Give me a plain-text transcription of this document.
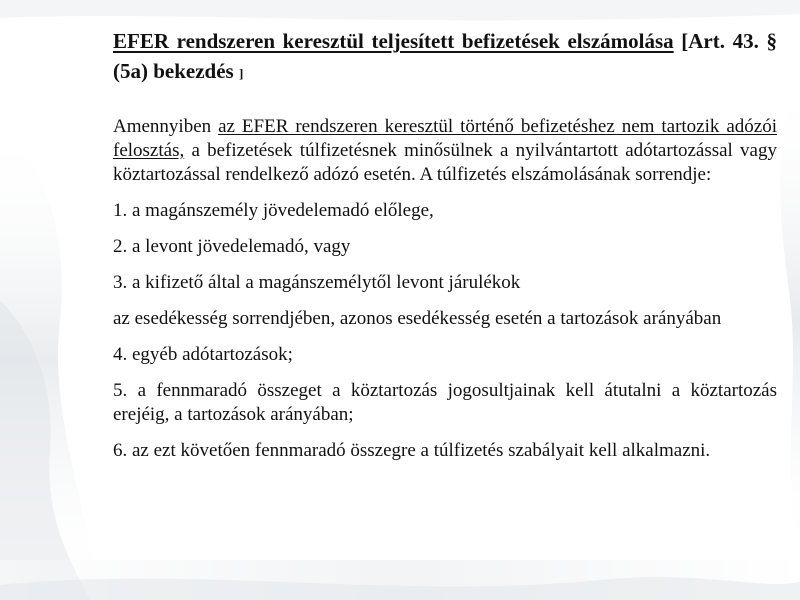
EFER rendszeren keresztül teljesített befizetések elszámolása [Art. 43. § (5a) bekezdés ]

Amennyiben az EFER rendszeren keresztül történő befizetéshez nem tartozik adózói felosztás, a befizetések túlfizetésnek minősülnek a nyilvántartott adótartozással vagy köztartozással rendelkező adózó esetén. A túlfizetés elszámolásának sorrendje:

1. a magánszemély jövedelemadó előlege,

2. a levont jövedelemadó, vagy

3. a kifizető által a magánszemélytől levont járulékok

az esedékesség sorrendjében, azonos esedékesség esetén a tartozások arányában

4. egyéb adótartozások;

5. a fennmaradó összeget a köztartozás jogosultjainak kell átutalni a köztartozás erejéig, a tartozások arányában;

6. az ezt követően fennmaradó összegre a túlfizetés szabályait kell alkalmazni.
